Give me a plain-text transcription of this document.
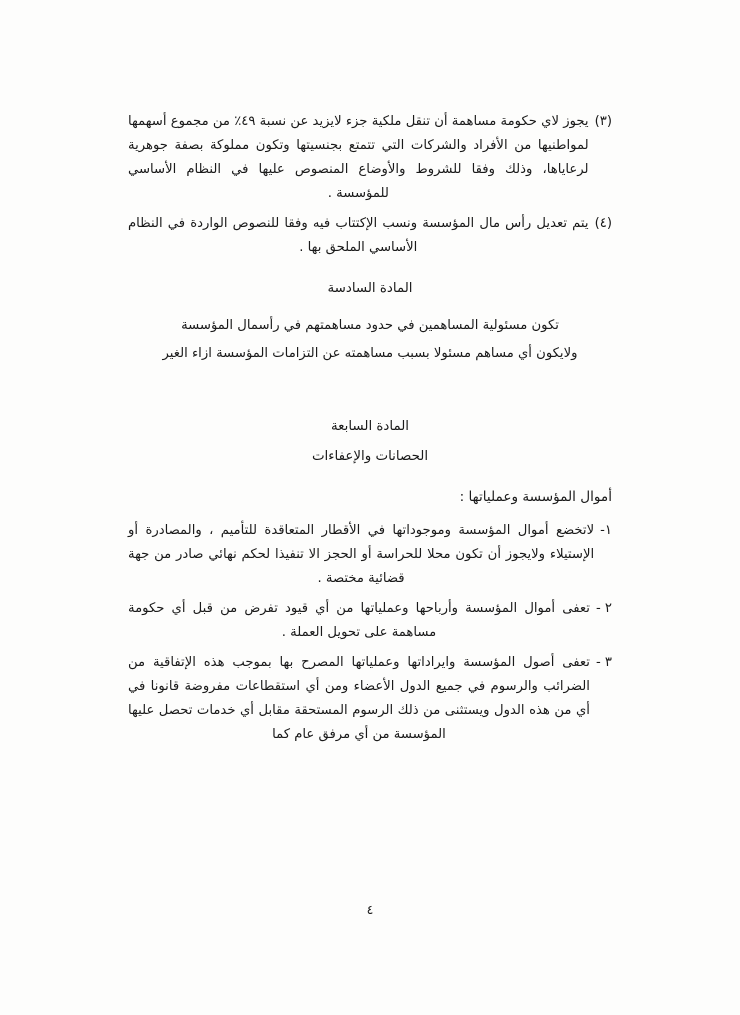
(٣)
يجوز لاي حكومة مساهمة أن تنقل ملكية جزء لايزيد عن نسبة ٤٩٪ من مجموع أسهمها لمواطنيها من الأفراد والشركات التي تتمتع بجنسيتها وتكون مملوكة بصفة جوهرية لرعاياها، وذلك وفقا للشروط والأوضاع المنصوص عليها في النظام الأساسي للمؤسسة .
(٤)
يتم تعديل رأس مال المؤسسة ونسب الإكتتاب فيه وفقا للنصوص الواردة في النظام الأساسي الملحق بها .
المادة السادسة

تكون مسئولية المساهمين في حدود مساهمتهم في رأسمال المؤسسة

ولايكون أي مساهم مسئولا بسبب مساهمته عن التزامات المؤسسة ازاء الغير

المادة السابعة
الحصانات والإعفاءات
أموال المؤسسة وعملياتها :
١-
لاتخضع أموال المؤسسة وموجوداتها في الأقطار المتعاقدة للتأميم ، والمصادرة أو الإستيلاء ولايجوز أن تكون محلا للحراسة أو الحجز الا تنفيذا لحكم نهائي صادر من جهة قضائية مختصة .
٢ -
تعفى أموال المؤسسة وأرباحها وعملياتها من أي قيود تفرض من قبل أي حكومة مساهمة على تحويل العملة .
٣ -
تعفى أصول المؤسسة وايراداتها وعملياتها المصرح بها بموجب هذه الإتفاقية من الضرائب والرسوم في جميع الدول الأعضاء ومن أي استقطاعات مفروضة قانونا في أي من هذه الدول ويستثنى من ذلك الرسوم المستحقة مقابل أي خدمات تحصل عليها المؤسسة من أي مرفق عام كما
٤
